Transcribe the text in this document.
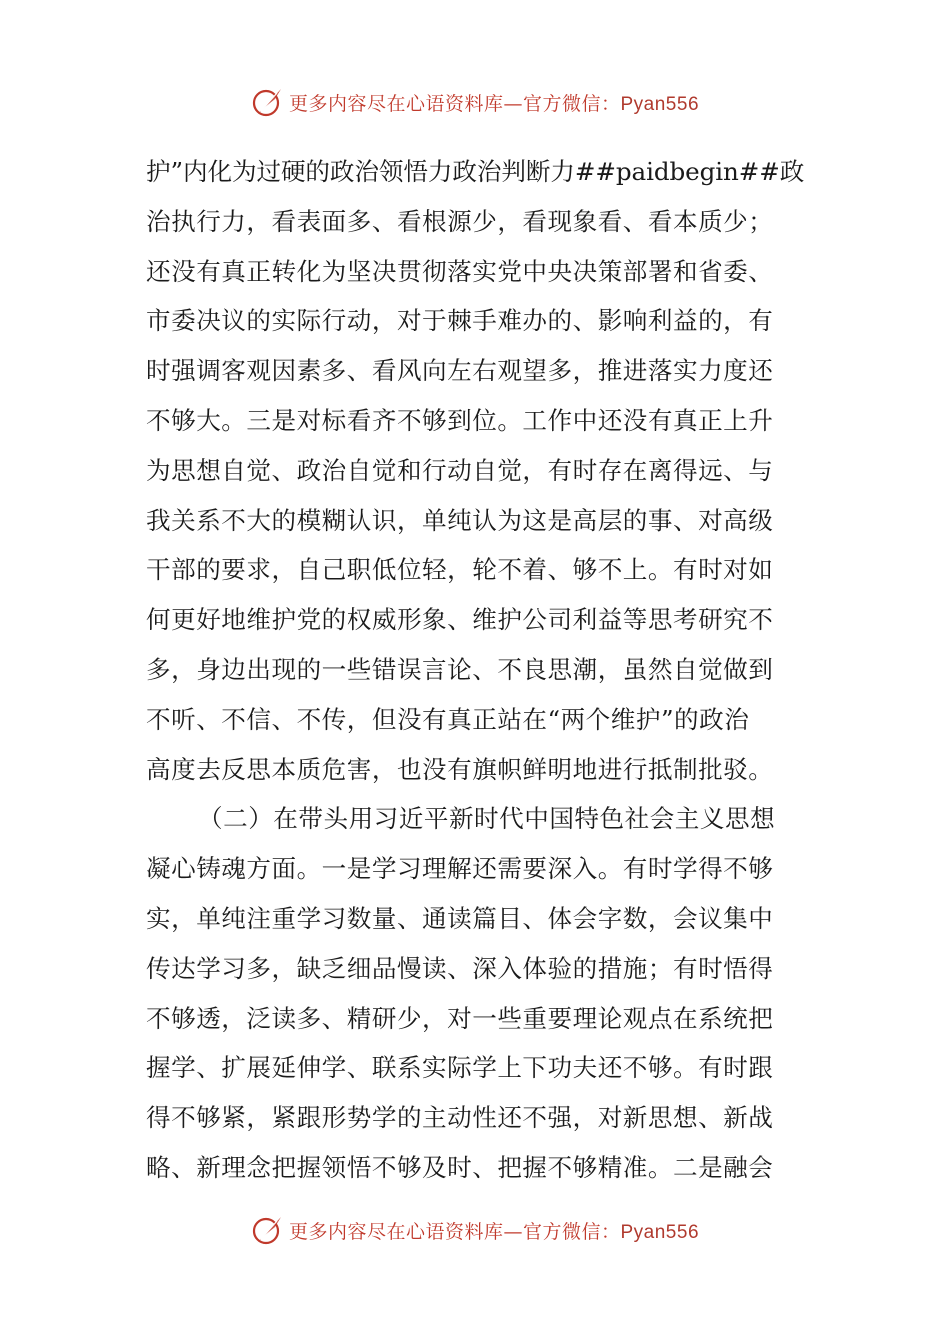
更多内容尽在心语资料库—官方微信：Pyan556
护”内化为过硬的政治领悟力政治判断力##paidbegin##政
治执行力，看表面多、看根源少，看现象看、看本质少；
还没有真正转化为坚决贯彻落实党中央决策部署和省委、
市委决议的实际行动，对于棘手难办的、影响利益的，有
时强调客观因素多、看风向左右观望多，推进落实力度还
不够大。三是对标看齐不够到位。工作中还没有真正上升
为思想自觉、政治自觉和行动自觉，有时存在离得远、与
我关系不大的模糊认识，单纯认为这是高层的事、对高级
干部的要求，自己职低位轻，轮不着、够不上。有时对如
何更好地维护党的权威形象、维护公司利益等思考研究不
多，身边出现的一些错误言论、不良思潮，虽然自觉做到
不听、不信、不传，但没有真正站在“两个维护”的政治
高度去反思本质危害，也没有旗帜鲜明地进行抵制批驳。
（二）在带头用习近平新时代中国特色社会主义思想
凝心铸魂方面。一是学习理解还需要深入。有时学得不够
实，单纯注重学习数量、通读篇目、体会字数，会议集中
传达学习多，缺乏细品慢读、深入体验的措施；有时悟得
不够透，泛读多、精研少，对一些重要理论观点在系统把
握学、扩展延伸学、联系实际学上下功夫还不够。有时跟
得不够紧，紧跟形势学的主动性还不强，对新思想、新战
略、新理念把握领悟不够及时、把握不够精准。二是融会
更多内容尽在心语资料库—官方微信：Pyan556
